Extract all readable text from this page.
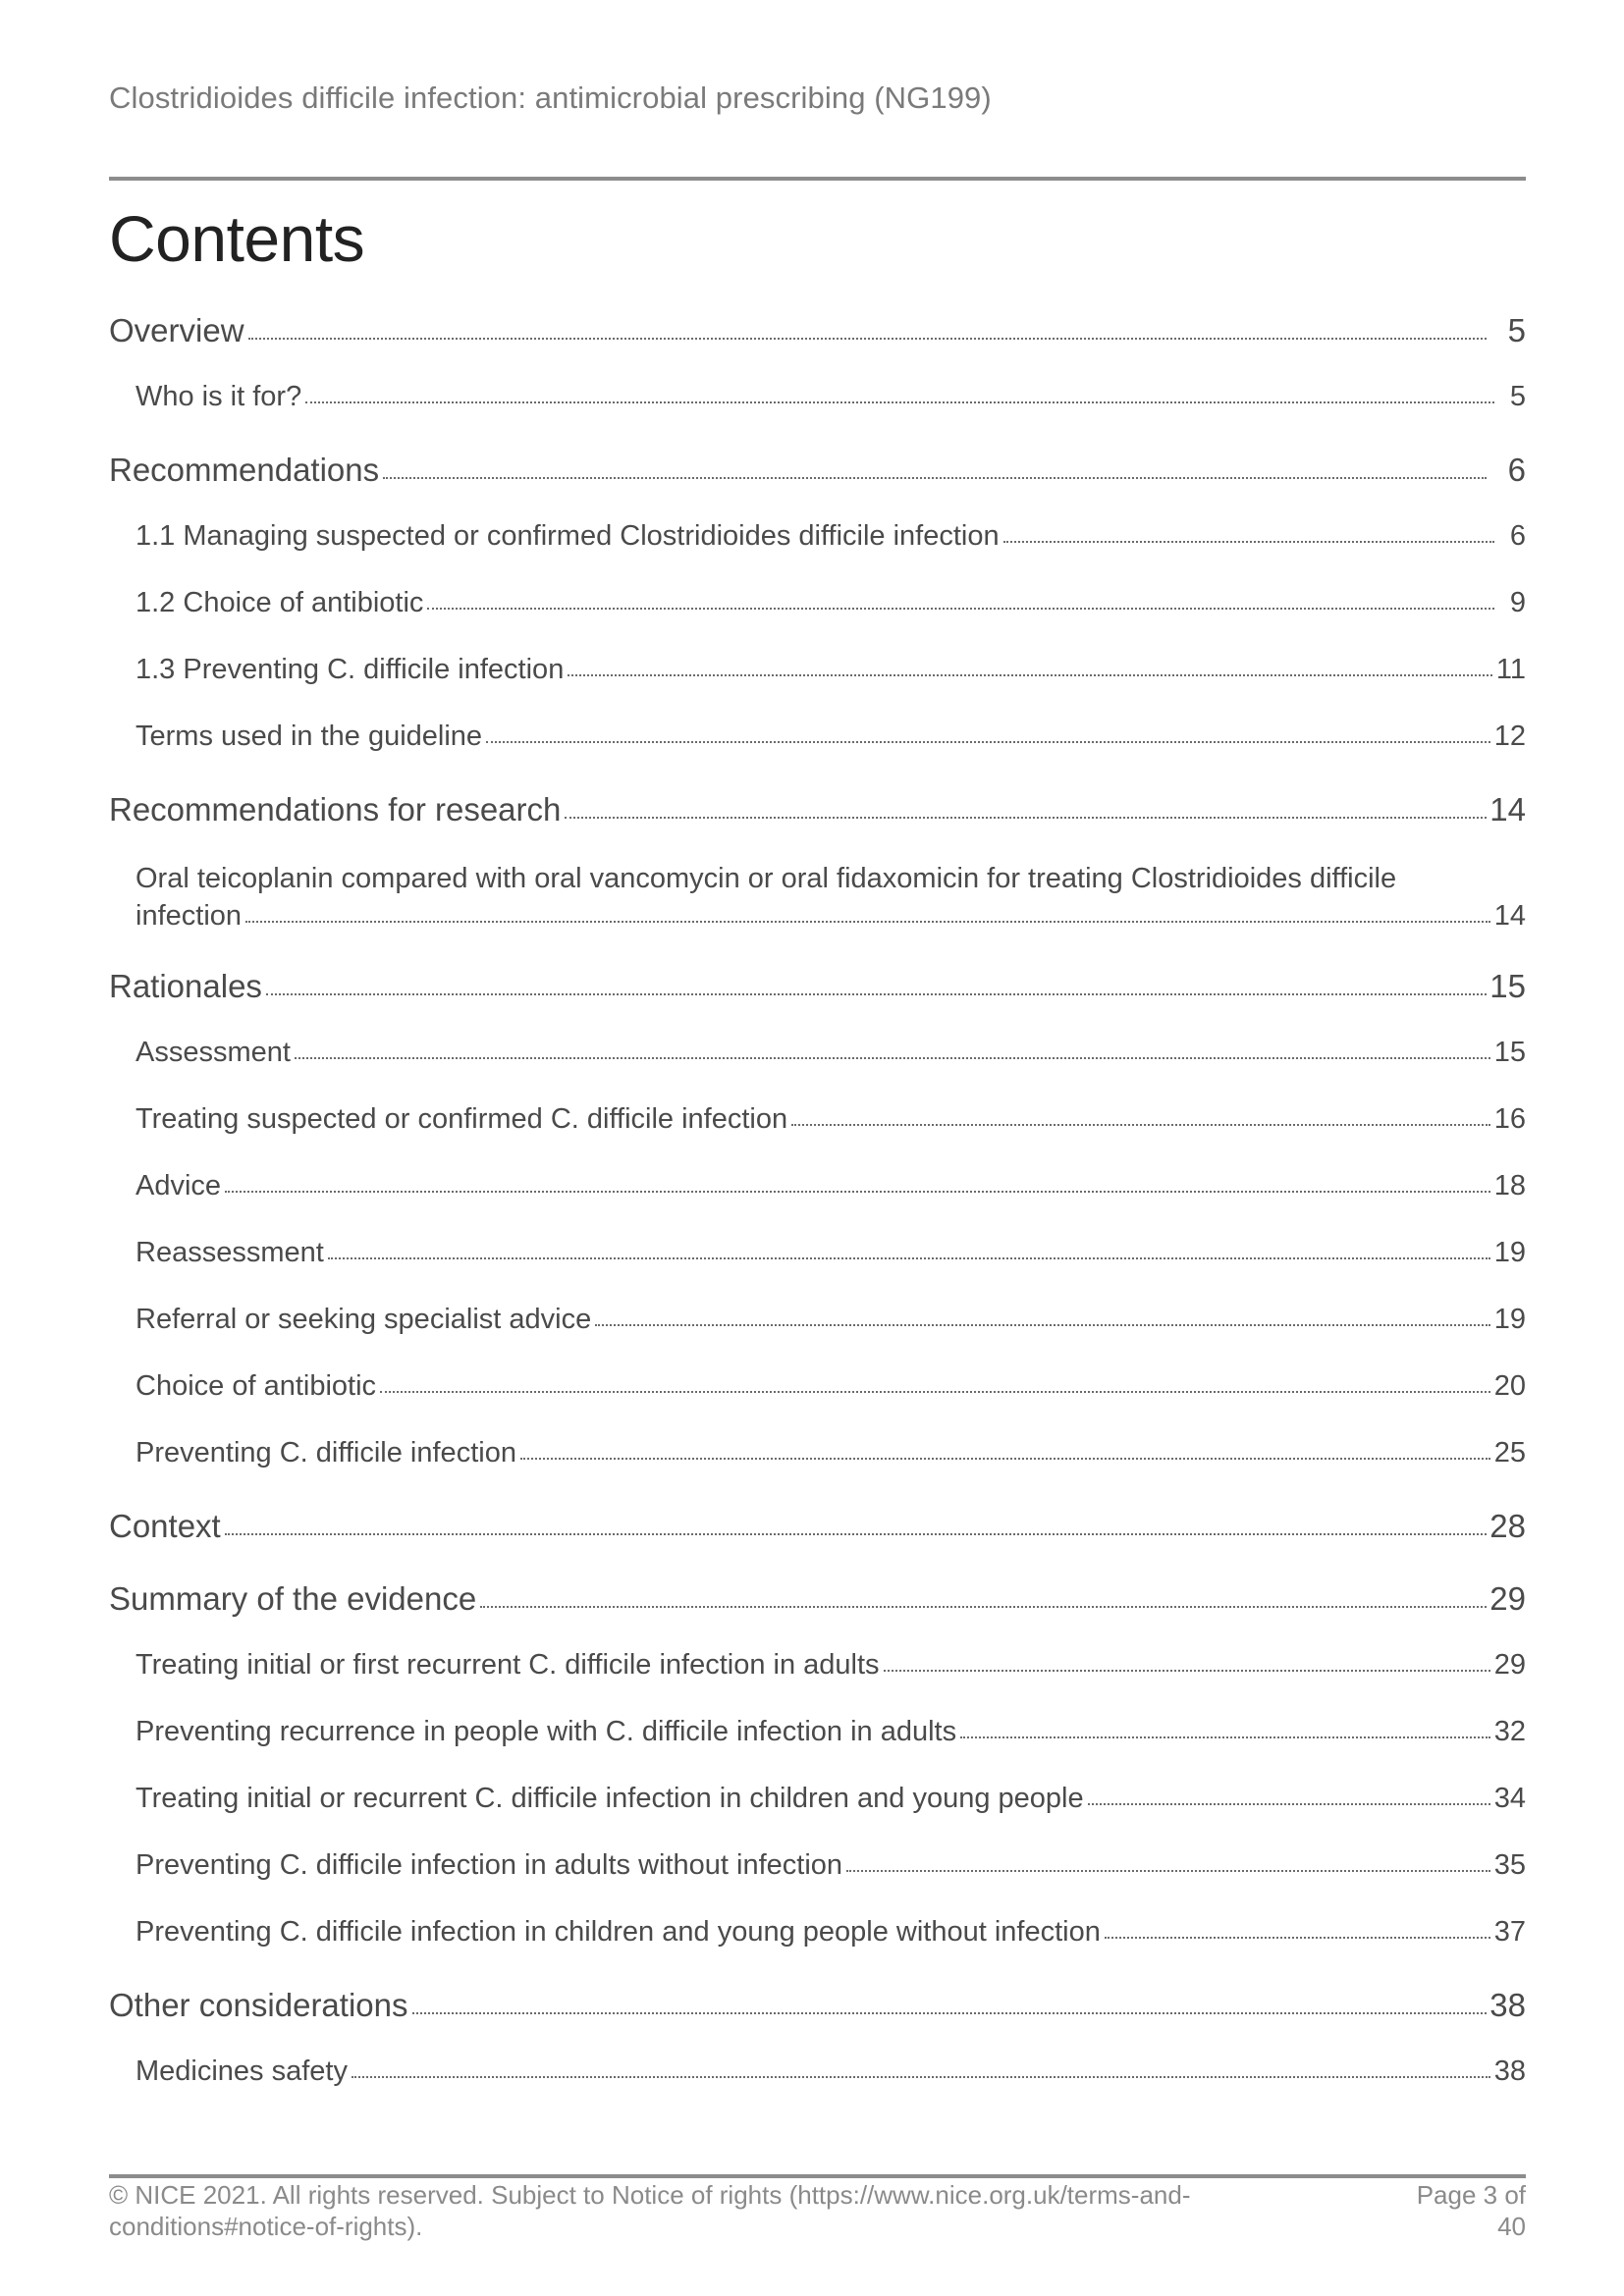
Clostridioides difficile infection: antimicrobial prescribing (NG199)
Contents
Overview	5
Who is it for?	5
Recommendations	6
1.1 Managing suspected or confirmed Clostridioides difficile infection	6
1.2 Choice of antibiotic	9
1.3 Preventing C. difficile infection	11
Terms used in the guideline	12
Recommendations for research	14
Oral teicoplanin compared with oral vancomycin or oral fidaxomicin for treating Clostridioides difficile
infection	14
Rationales	15
Assessment	15
Treating suspected or confirmed C. difficile infection	16
Advice	18
Reassessment	19
Referral or seeking specialist advice	19
Choice of antibiotic	20
Preventing C. difficile infection	25
Context	28
Summary of the evidence	29
Treating initial or first recurrent C. difficile infection in adults	29
Preventing recurrence in people with C. difficile infection in adults	32
Treating initial or recurrent C. difficile infection in children and young people	34
Preventing C. difficile infection in adults without infection	35
Preventing C. difficile infection in children and young people without infection	37
Other considerations	38
Medicines safety	38
© NICE 2021. All rights reserved. Subject to Notice of rights (https://www.nice.org.uk/terms-and-
conditions#notice-of-rights).
Page 3 of
40
